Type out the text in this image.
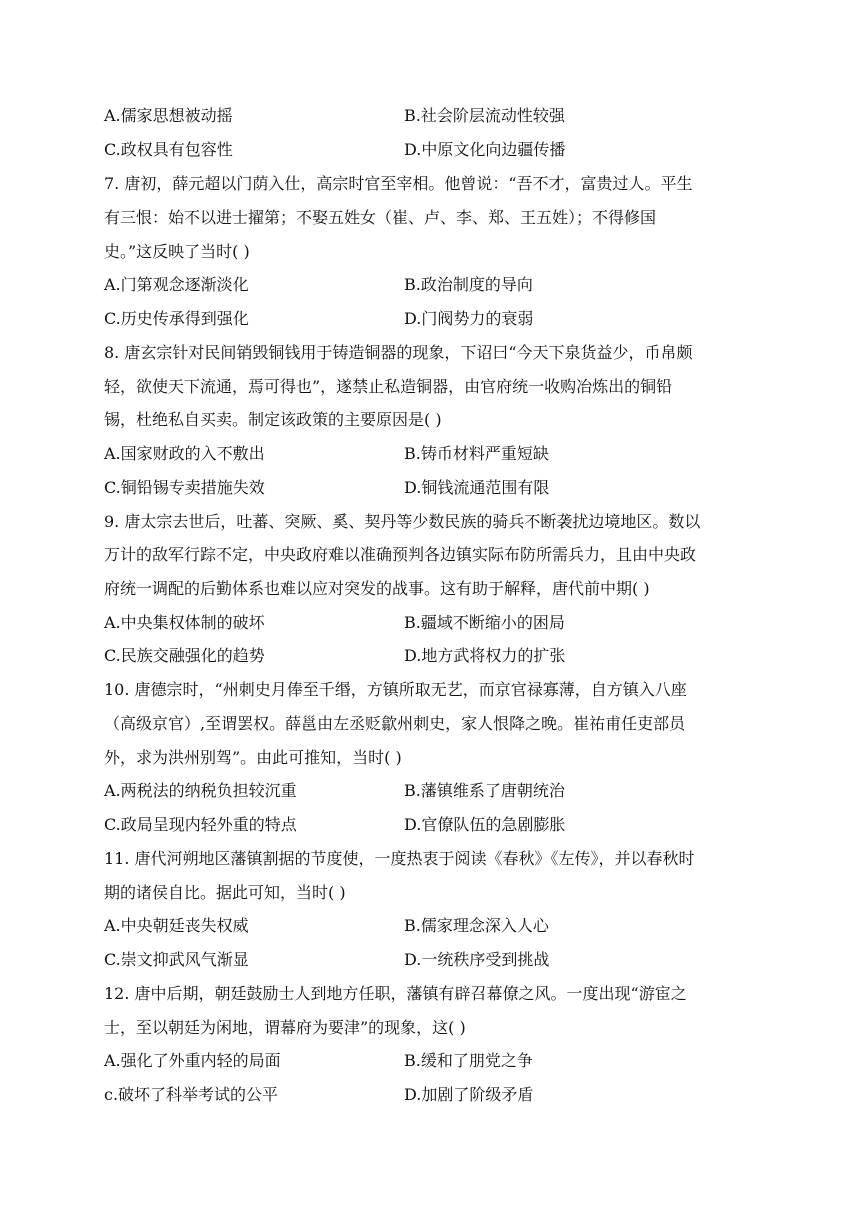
A.儒家思想被动摇	B.社会阶层流动性较强
C.政权具有包容性	D.中原文化向边疆传播
7. 唐初，薛元超以门荫入仕，高宗时官至宰相。他曾说：“吾不才，富贵过人。平生
有三恨：始不以进士擢第；不娶五姓女（崔、卢、李、郑、王五姓）；不得修国
史。”这反映了当时( )
A.门第观念逐渐淡化	B.政治制度的导向
C.历史传承得到强化	D.门阀势力的衰弱
8. 唐玄宗针对民间销毁铜钱用于铸造铜器的现象，下诏曰“今天下泉货益少，币帛颇
轻，欲使天下流通，焉可得也”，遂禁止私造铜器，由官府统一收购冶炼出的铜铅
锡，杜绝私自买卖。制定该政策的主要原因是( )
A.国家财政的入不敷出	B.铸币材料严重短缺
C.铜铅锡专卖措施失效	D.铜钱流通范围有限
9. 唐太宗去世后，吐蕃、突厥、奚、契丹等少数民族的骑兵不断袭扰边境地区。数以
万计的敌军行踪不定，中央政府难以准确预判各边镇实际布防所需兵力，且由中央政
府统一调配的后勤体系也难以应对突发的战事。这有助于解释，唐代前中期( )
A.中央集权体制的破坏	B.疆域不断缩小的困局
C.民族交融强化的趋势	D.地方武将权力的扩张
10. 唐德宗时，“州刺史月俸至千缗，方镇所取无艺，而京官禄寡薄，自方镇入八座
（高级京官）,至谓罢权。薛邕由左丞贬歙州刺史，家人恨降之晚。崔祐甫任吏部员
外，求为洪州别驾”。由此可推知，当时( )
A.两税法的纳税负担较沉重	B.藩镇维系了唐朝统治
C.政局呈现内轻外重的特点	D.官僚队伍的急剧膨胀
11. 唐代河朔地区藩镇割据的节度使，一度热衷于阅读《春秋》《左传》，并以春秋时
期的诸侯自比。据此可知，当时( )
A.中央朝廷丧失权威	B.儒家理念深入人心
C.崇文抑武风气渐显	D.一统秩序受到挑战
12. 唐中后期，朝廷鼓励士人到地方任职，藩镇有辟召幕僚之风。一度出现“游宦之
士，至以朝廷为闲地，谓幕府为要津”的现象，这( )
A.强化了外重内轻的局面	B.缓和了朋党之争
c.破坏了科举考试的公平	D.加剧了阶级矛盾
